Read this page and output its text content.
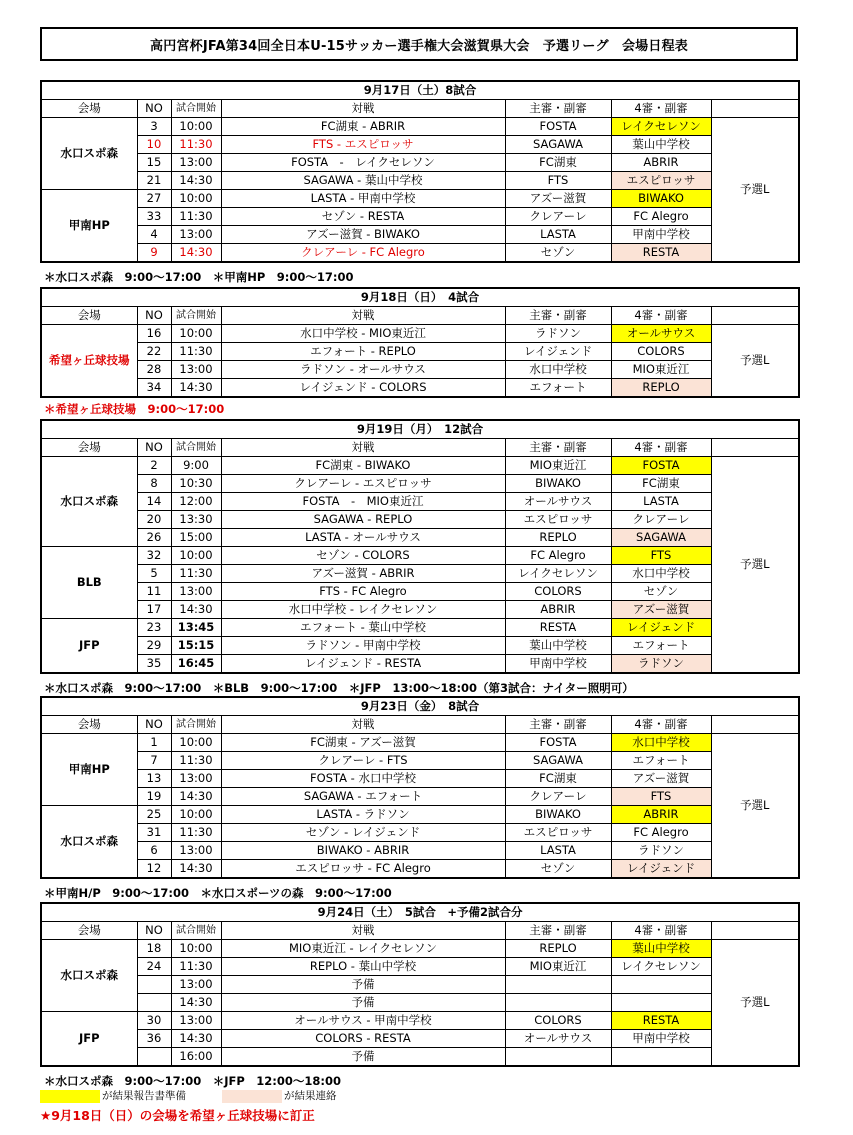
高円宮杯JFA第34回全日本U-15サッカー選手権大会滋賀県大会　予選リーグ　会場日程表
9月17日（土）8試合						
会場	NO	試合開始	対戦	主審・副審	4審・副審	
水口スポ森	3	10:00	FC湖東 - ABRIR	FOSTA	レイクセレソン	予選L
	10	11:30	FTS - エスピロッサ	SAGAWA	葉山中学校	
	15	13:00	FOSTA　-　レイクセレソン	FC湖東	ABRIR	
	21	14:30	SAGAWA - 葉山中学校	FTS	エスピロッサ	
甲南HP	27	10:00	LASTA - 甲南中学校	アズー滋賀	BIWAKO	
	33	11:30	セゾン - RESTA	クレアーレ	FC Alegro	
	4	13:00	アズー滋賀 - BIWAKO	LASTA	甲南中学校	
	9	14:30	クレアーレ - FC Alegro	セゾン	RESTA	
＊水口スポ森　9:00～17:00　＊甲南HP　9:00～17:00
9月18日（日）　4試合						
会場	NO	試合開始	対戦	主審・副審	4審・副審	
希望ヶ丘球技場	16	10:00	水口中学校 - MIO東近江	ラドソン	オールサウス	予選L
	22	11:30	エフォート - REPLO	レイジェンド	COLORS	
	28	13:00	ラドソン - オールサウス	水口中学校	MIO東近江	
	34	14:30	レイジェンド - COLORS	エフォート	REPLO	
＊希望ヶ丘球技場　9:00～17:00
9月19日（月）　12試合						
会場	NO	試合開始	対戦	主審・副審	4審・副審	
水口スポ森	2	9:00	FC湖東 - BIWAKO	MIO東近江	FOSTA	予選L
	8	10:30	クレアーレ - エスピロッサ	BIWAKO	FC湖東	
	14	12:00	FOSTA　-　MIO東近江	オールサウス	LASTA	
	20	13:30	SAGAWA - REPLO	エスピロッサ	クレアーレ	
	26	15:00	LASTA - オールサウス	REPLO	SAGAWA	
BLB	32	10:00	セゾン - COLORS	FC Alegro	FTS	
	5	11:30	アズー滋賀 - ABRIR	レイクセレソン	水口中学校	
	11	13:00	FTS - FC Alegro	COLORS	セゾン	
	17	14:30	水口中学校 - レイクセレソン	ABRIR	アズー滋賀	
JFP	23	13:45	エフォート - 葉山中学校	RESTA	レイジェンド	
	29	15:15	ラドソン - 甲南中学校	葉山中学校	エフォート	
	35	16:45	レイジェンド - RESTA	甲南中学校	ラドソン	
＊水口スポ森　9:00～17:00　＊BLB　9:00～17:00　＊JFP　13:00～18:00（第3試合：ナイター照明可）
9月23日（金）　8試合						
会場	NO	試合開始	対戦	主審・副審	4審・副審	
甲南HP	1	10:00	FC湖東 - アズー滋賀	FOSTA	水口中学校	予選L
	7	11:30	クレアーレ - FTS	SAGAWA	エフォート	
	13	13:00	FOSTA - 水口中学校	FC湖東	アズー滋賀	
	19	14:30	SAGAWA - エフォート	クレアーレ	FTS	
水口スポ森	25	10:00	LASTA - ラドソン	BIWAKO	ABRIR	
	31	11:30	セゾン - レイジェンド	エスピロッサ	FC Alegro	
	6	13:00	BIWAKO - ABRIR	LASTA	ラドソン	
	12	14:30	エスピロッサ - FC Alegro	セゾン	レイジェンド	
＊甲南H/P　9:00～17:00　＊水口スポーツの森　9:00～17:00
9月24日（土）　5試合　+予備2試合分						
会場	NO	試合開始	対戦	主審・副審	4審・副審	
水口スポ森	18	10:00	MIO東近江 - レイクセレソン	REPLO	葉山中学校	予選L
	24	11:30	REPLO - 葉山中学校	MIO東近江	レイクセレソン	
		13:00	予備			
		14:30	予備			
JFP	30	13:00	オールサウス - 甲南中学校	COLORS	RESTA	
	36	14:30	COLORS - RESTA	オールサウス	甲南中学校	
		16:00	予備			
＊水口スポ森　9:00～17:00　＊JFP　12:00～18:00
が結果報告書準備	が結果連絡
★9月18日（日）の会場を希望ヶ丘球技場に訂正
